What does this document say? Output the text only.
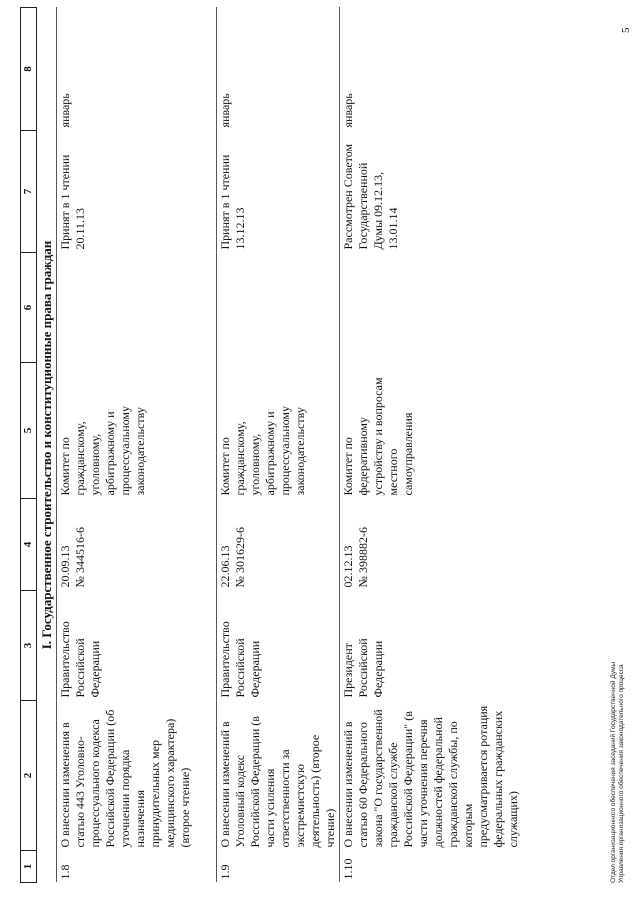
1	2	3	4	5	6	7	8
I. Государственное строительство и конституционные права граждан							
1.8	О внесении изменения в статью 443 Уголовно-процессуального кодекса Российской Федерации (об уточнении порядка назначения принудительных мер медицинского характера) (второе чтение)	Правительство Российской Федерации	20.09.13 № 344516-6	Комитет по гражданскому, уголовному, арбитражному и процессуальному законодательству		Принят в 1 чтении 20.11.13	январь
1.9	О внесении изменений в Уголовный кодекс Российской Федерации (в части усиления ответственности за экстремистскую деятельность) (второе чтение)	Правительство Российской Федерации	22.06.13 № 301629-6	Комитет по гражданскому, уголовному, арбитражному и процессуальному законодательству		Принят в 1 чтении 13.12.13	январь
1.10	О внесении изменений в статью 60 Федерального закона "О государственной гражданской службе Российской Федерации" (в части уточнения перечня должностей федеральной гражданской службы, по которым предусматривается ротация федеральных гражданских служащих)	Президент Российской Федерации	02.12.13 № 398882-6	Комитет по федеративному устройству и вопросам местного самоуправления		Рассмотрен Советом Государственной Думы 09.12.13, 13.01.14	январь
Отдел организационного обеспечения заседаний Государственной Думы Управления организационного обеспечения законодательного процесса
5
